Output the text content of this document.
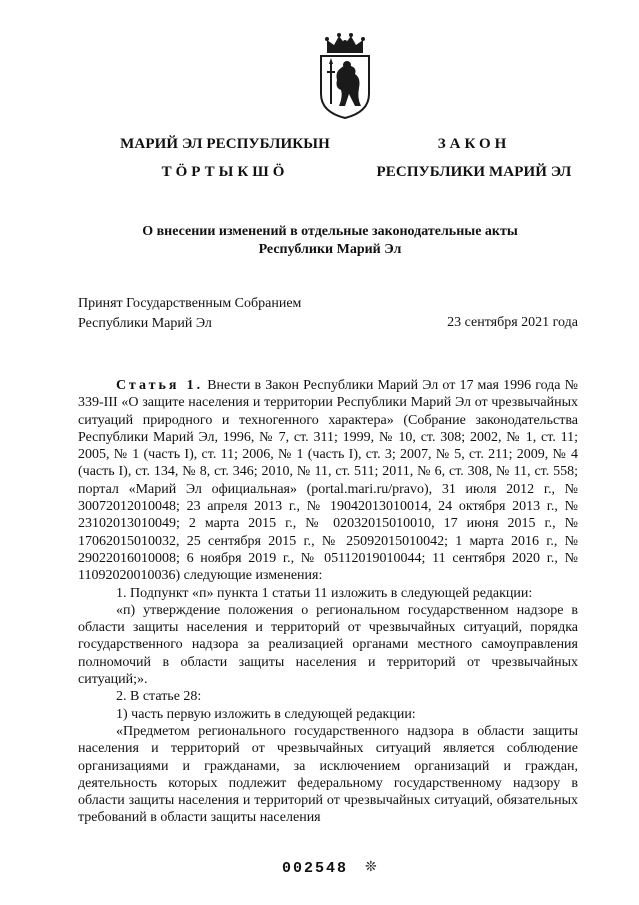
МАРИЙ ЭЛ РЕСПУБЛИКЫН
ТӦРТЫКШӦ
ЗАКОН
РЕСПУБЛИКИ МАРИЙ ЭЛ
О внесении изменений в отдельные законодательные акты
Республики Марий Эл
Принят Государственным Собранием
Республики Марий Эл	23 сентября 2021 года

Статья 1. Внести в Закон Республики Марий Эл от 17 мая 1996 года № 339-III «О защите населения и территории Республики Марий Эл от чрезвычайных ситуаций природного и техногенного характера» (Собрание законодательства Республики Марий Эл, 1996, № 7, ст. 311; 1999, № 10, ст. 308; 2002, № 1, ст. 11; 2005, № 1 (часть I), ст. 11; 2006, № 1 (часть I), ст. 3; 2007, № 5, ст. 211; 2009, № 4 (часть I), ст. 134, № 8, ст. 346; 2010, № 11, ст. 511; 2011, № 6, ст. 308, № 11, ст. 558; портал «Марий Эл официальная» (portal.mari.ru/pravo), 31 июля 2012 г., № 30072012010048; 23 апреля 2013 г., № 19042013010014, 24 октября 2013 г., № 23102013010049; 2 марта 2015 г., № 02032015010010, 17 июня 2015 г., № 17062015010032, 25 сентября 2015 г., № 25092015010042; 1 марта 2016 г., № 29022016010008; 6 ноября 2019 г., № 05112019010044; 11 сентября 2020 г., № 11092020010036) следующие изменения:

1. Подпункт «п» пункта 1 статьи 11 изложить в следующей редакции:

«п) утверждение положения о региональном государственном надзоре в области защиты населения и территорий от чрезвычайных ситуаций, порядка государственного надзора за реализацией органами местного самоуправления полномочий в области защиты населения и территорий от чрезвычайных ситуаций;».

2. В статье 28:

1) часть первую изложить в следующей редакции:

«Предметом регионального государственного надзора в области защиты населения и территорий от чрезвычайных ситуаций является соблюдение организациями и гражданами, за исключением организаций и граждан, деятельность которых подлежит федеральному государственному надзору в области защиты населения и территорий от чрезвычайных ситуаций, обязательных требований в области защиты населения

002548 ❊
